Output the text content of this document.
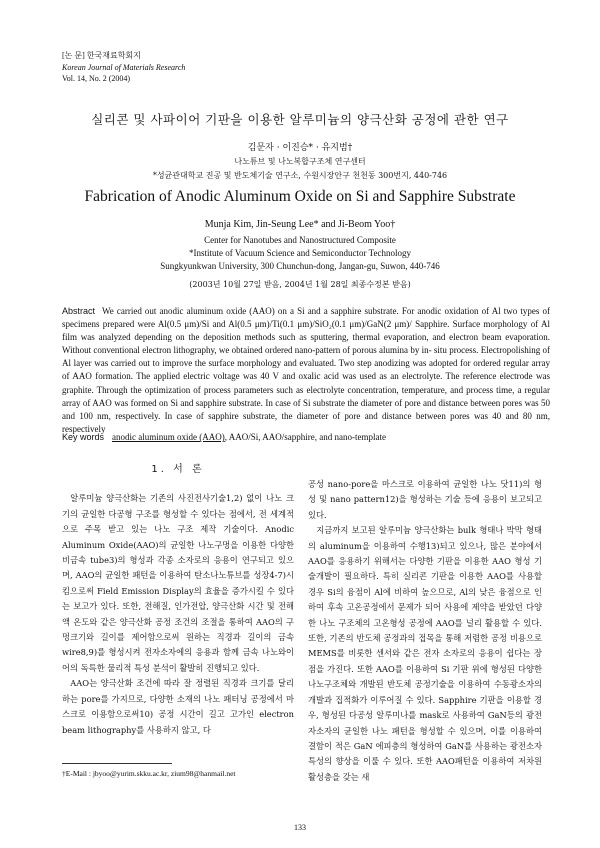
[논 문] 한국재료학회지
Korean Journal of Materials Research
Vol. 14, No. 2 (2004)
실리콘 및 사파이어 기판을 이용한 알루미늄의 양극산화 공정에 관한 연구
김문자 · 이진승* · 유지범†
나노튜브 및 나노복합구조체 연구센터
*성균관대학교 진공 및 반도체기술 연구소, 수원시장안구 천천동 300번지, 440-746
Fabrication of Anodic Aluminum Oxide on Si and Sapphire Substrate
Munja Kim, Jin-Seung Lee* and Ji-Beom Yoo†
Center for Nanotubes and Nanostructured Composite
*Institute of Vacuum Science and Semiconductor Technology
Sungkyunkwan University, 300 Chunchun-dong, Jangan-gu, Suwon, 440-746
(2003년 10월 27일 받음, 2004년 1월 28일 최종수정본 받음)
Abstract We carried out anodic aluminum oxide (AAO) on a Si and a sapphire substrate. For anodic oxidation of Al two types of specimens prepared were Al(0.5 μm)/Si and Al(0.5 μm)/Ti(0.1 μm)/SiO₂(0.1 μm)/GaN(2 μm)/ Sapphire. Surface morphology of Al film was analyzed depending on the deposition methods such as sputtering, thermal evaporation, and electron beam evaporation. Without conventional electron lithography, we obtained ordered nano-pattern of porous alumina by in- situ process. Electropolishing of Al layer was carried out to improve the surface morphology and evaluated. Two step anodizing was adopted for ordered regular array of AAO formation. The applied electric voltage was 40 V and oxalic acid was used as an electrolyte. The reference electrode was graphite. Through the optimization of process parameters such as electrolyte concentration, temperature, and process time, a regular array of AAO was formed on Si and sapphire substrate. In case of Si substrate the diameter of pore and distance between pores was 50 and 100 nm, respectively. In case of sapphire substrate, the diameter of pore and distance between pores was 40 and 80 nm, respectively
Key words anodic aluminum oxide (AAO), AAO/Si, AAO/sapphire, and nano-template
1. 서 론

알루미늄 양극산화는 기존의 사진전사기술1,2) 없이 나노 크기의 균일한 다공형 구조를 형성할 수 있다는 점에서, 전 세계적으로 주목 받고 있는 나노 구조 제작 기술이다. Anodic Aluminum Oxide(AAO)의 균일한 나노구멍을 이용한 다양한 비금속 tube3)의 형성과 각종 소자로의 응용이 연구되고 있으며, AAO의 균일한 패턴을 이용하여 탄소나노튜브를 성장4-7)시킴으로써 Field Emission Display의 효율을 증가시킬 수 있다는 보고가 있다. 또한, 전해질, 인가전압, 양극산화 시간 및 전해액 온도와 같은 양극산화 공정 조건의 조절을 통하여 AAO의 구멍크기와 길이를 제어함으로써 원하는 직경과 길이의 금속 wire8,9)를 형성시켜 전자소자에의 응용과 함께 금속 나노와이어의 독특한 물리적 특성 분석이 활발히 진행되고 있다.

AAO는 양극산화 조건에 따라 잘 정렬된 직경과 크기를 달리하는 pore를 가지므로, 다양한 소재의 나노 패터닝 공정에서 마스크로 이용함으로써10) 공정 시간이 길고 고가인 electron beam lithography를 사용하지 않고, 다

공성 nano-pore을 마스크로 이용하여 균일한 나노 닷11)의 형성 및 nano pattern12)을 형성하는 기술 등에 응용이 보고되고 있다.

지금까지 보고된 알루미늄 양극산화는 bulk 형태나 박막 형태의 aluminum을 이용하여 수행13)되고 있으나, 많은 분야에서 AAO를 응용하기 위해서는 다양한 기판을 이용한 AAO 형성 기술개발이 필요하다. 특히 실리콘 기판을 이용한 AAO를 사용할 경우 Si의 융점이 Al에 비하여 높으므로, Al의 낮은 융점으로 인하여 후속 고온공정에서 문제가 되어 사용에 제약을 받았던 다양한 나노 구조체의 고온형성 공정에 AAO를 널리 활용할 수 있다. 또한, 기존의 반도체 공정과의 접목을 통해 저렴한 공정 비용으로 MEMS를 비롯한 센서와 같은 전자 소자로의 응용이 쉽다는 장점을 가진다. 또한 AAO를 이용하여 Si 기판 위에 형성된 다양한 나노구조체와 개발된 반도체 공정기술을 이용하여 수동광소자의 개발과 집적화가 이루어질 수 있다. Sapphire 기판을 이용할 경우, 형성된 다공성 알루미나를 mask로 사용하여 GaN등의 광전자소자의 균일한 나노 패턴을 형성할 수 있으며, 이를 이용하여 결함이 적은 GaN 에피층의 형성하여 GaN를 사용하는 광전소자 특성의 향상을 이룰 수 있다. 또한 AAO패턴을 이용하여 저차원 활성층을 갖는 새

†E-Mail : jbyoo@yurim.skku.ac.kr, zium98@hanmail.net
133
